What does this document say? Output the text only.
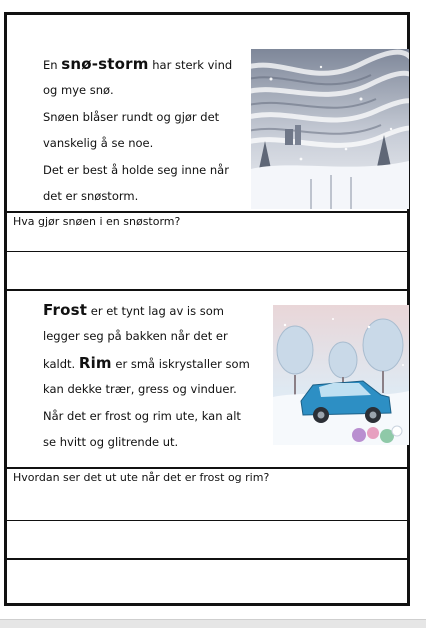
En snø-storm har sterk vind
og mye snø.
Snøen blåser rundt og gjør det
vanskelig å se noe.
Det er best å holde seg inne når
det er snøstorm.
Hva gjør snøen i en snøstorm?
Frost er et tynt lag av is som
legger seg på bakken når det er
kaldt. Rim er små iskrystaller som
kan dekke trær, gress og vinduer.
Når det er frost og rim ute, kan alt
se hvitt og glitrende ut.
Hvordan ser det ut ute når det er frost og rim?
